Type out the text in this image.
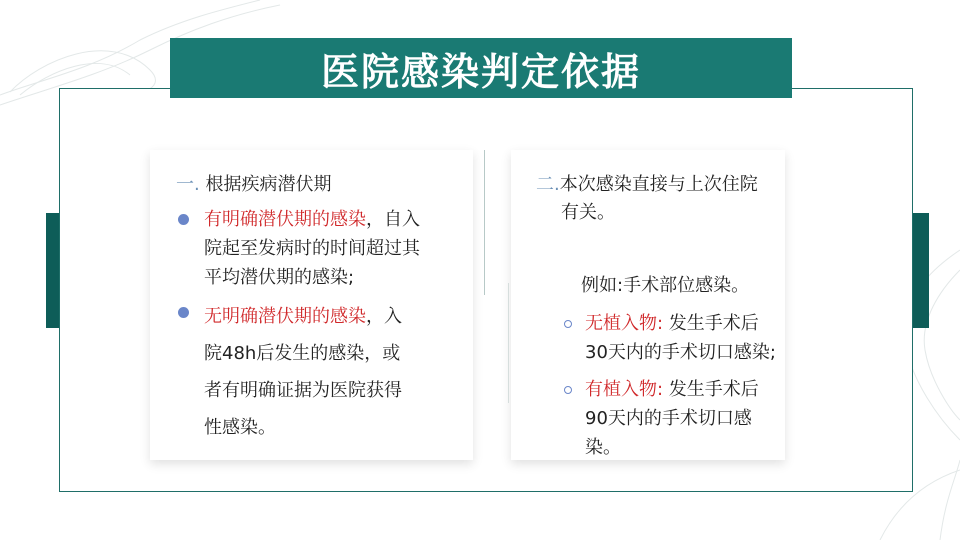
医院感染判定依据
一. 根据疾病潜伏期
有明确潜伏期的感染，自入
院起至发病时的时间超过其
平均潜伏期的感染;
无明确潜伏期的感染，入
院48h后发生的感染，或
者有明确证据为医院获得
性感染。
二.本次感染直接与上次住院
有关。
例如:手术部位感染。
无植入物: 发生手术后
30天内的手术切口感染;
有植入物: 发生手术后
90天内的手术切口感染。
